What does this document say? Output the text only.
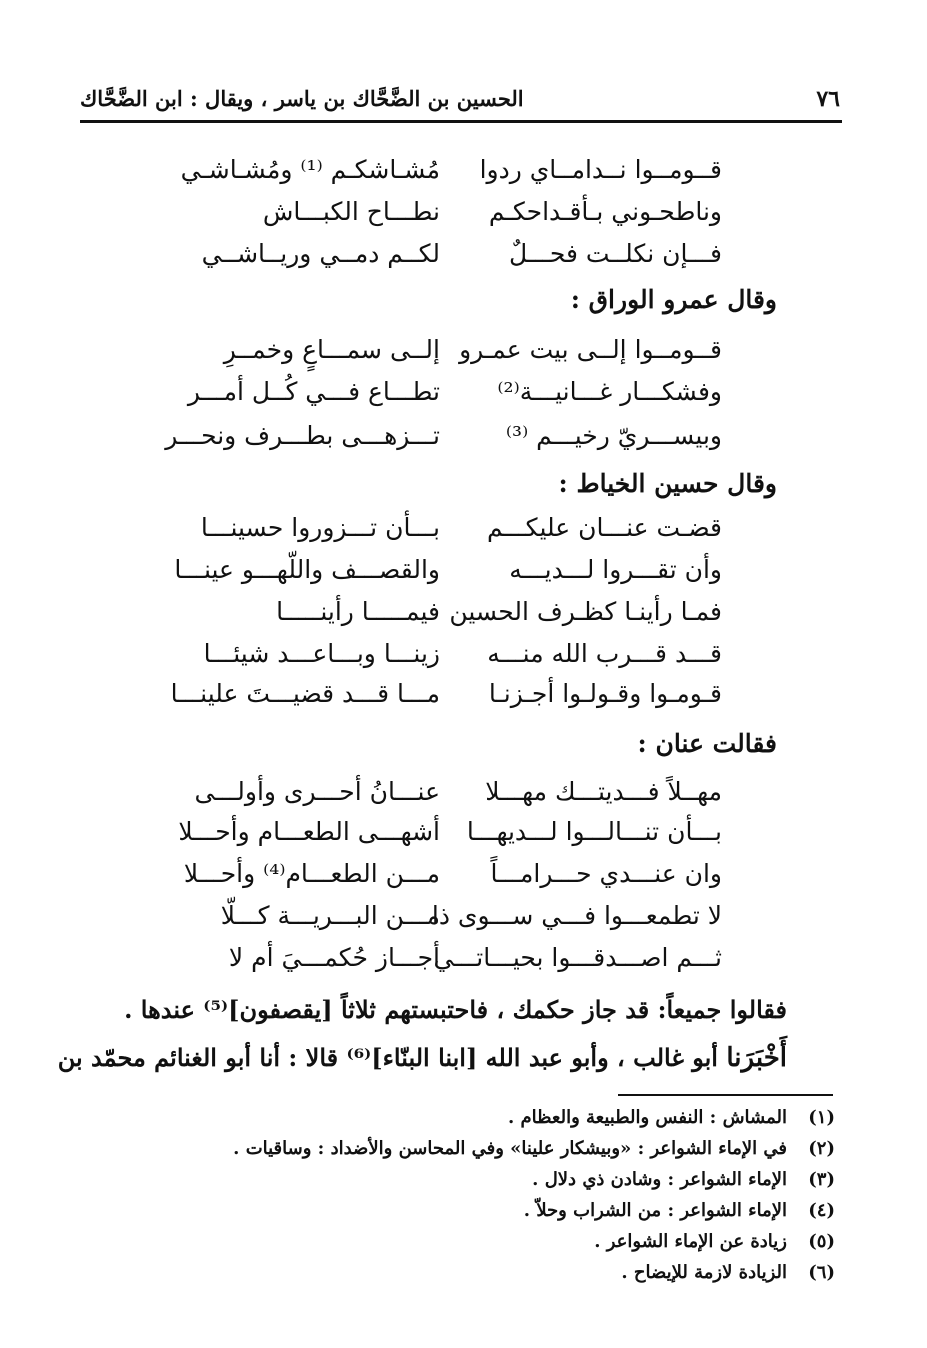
٧٦
الحسين بن الضَّحَّاك بن ياسر ، ويقال : ابن الضَّحَّاك
قــومــوا نــدامــاي ردوا
مُشـاشكـم ⁽¹⁾ ومُشـاشـي
وناطحـوني بـأقـداحكـم
نطـــاح الكبـــاش
فـــإن نكلــت فحـــلٌ
لكــم دمــي وريــاشــي
وقال عمرو الوراق :
قــومــوا إلــى بيت عمـرو
إلــى سمـــاعٍ وخمــرِ
وفشكـــار غـــانيـــة⁽²⁾
تطـــاع فـــي كُــل أمـــر
وبيســـريّ رخيـــم ⁽³⁾
تـــزهـــى بطـــرف ونحـــر
وقال حسين الخياط :
قضـت عنـــان عليكـــم
بـــأن تـــزوروا حسينـــا
وأن تقـــروا لـــديـــه
والقصـــف واللّهـــو عينـــا
فمـا رأينـا كظـرف الحسين
فيمـــــا رأينـــــا
قـــد قـــرب الله منـــه
زينـــا وبـــاعـــد شيئـــا
قـومـوا وقـولـوا أجـزنـا
مـــا قـــد قضيـــتَ علينـــا
فقالت عنان :
مهــلاً فـــديتـــك مهـــلا
عنـــانُ أحـــرى وأولـــى
بـــأن تنـــالـــوا لـــديهـــا
أشهـــى الطعـــام وأحـــلا
وان عنـــدي حـــرامـــاً
مـــن الطعـــام⁽⁴⁾ وأحـــلا
لا تطمعـــوا فـــي ســـوى ذا
مـــن البـــريـــة كـــلّا
ثـــم اصـــدقـــوا بحيـــاتـــي
أجـــاز حُكمـــيَ أم لا
فقالوا جميعاً: قد جاز حكمك ، فاحتبستهم ثلاثاً [يقصفون]⁽⁵⁾ عندها .
أَخْبَرَنا أبو غالب ، وأبو عبد الله [ابنا البنّاء]⁽⁶⁾ قالا : أنا أبو الغنائم محمّد بن
(١)المشاش : النفس والطبيعة والعظام .
(٢)في الإماء الشواعر : «وبيشكار علينا» وفي المحاسن والأضداد : وساقيات .
(٣)الإماء الشواعر : وشادن ذي دلال .
(٤)الإماء الشواعر : من الشراب وحلاّ .
(٥)زيادة عن الإماء الشواعر .
(٦)الزيادة لازمة للإيضاح .
